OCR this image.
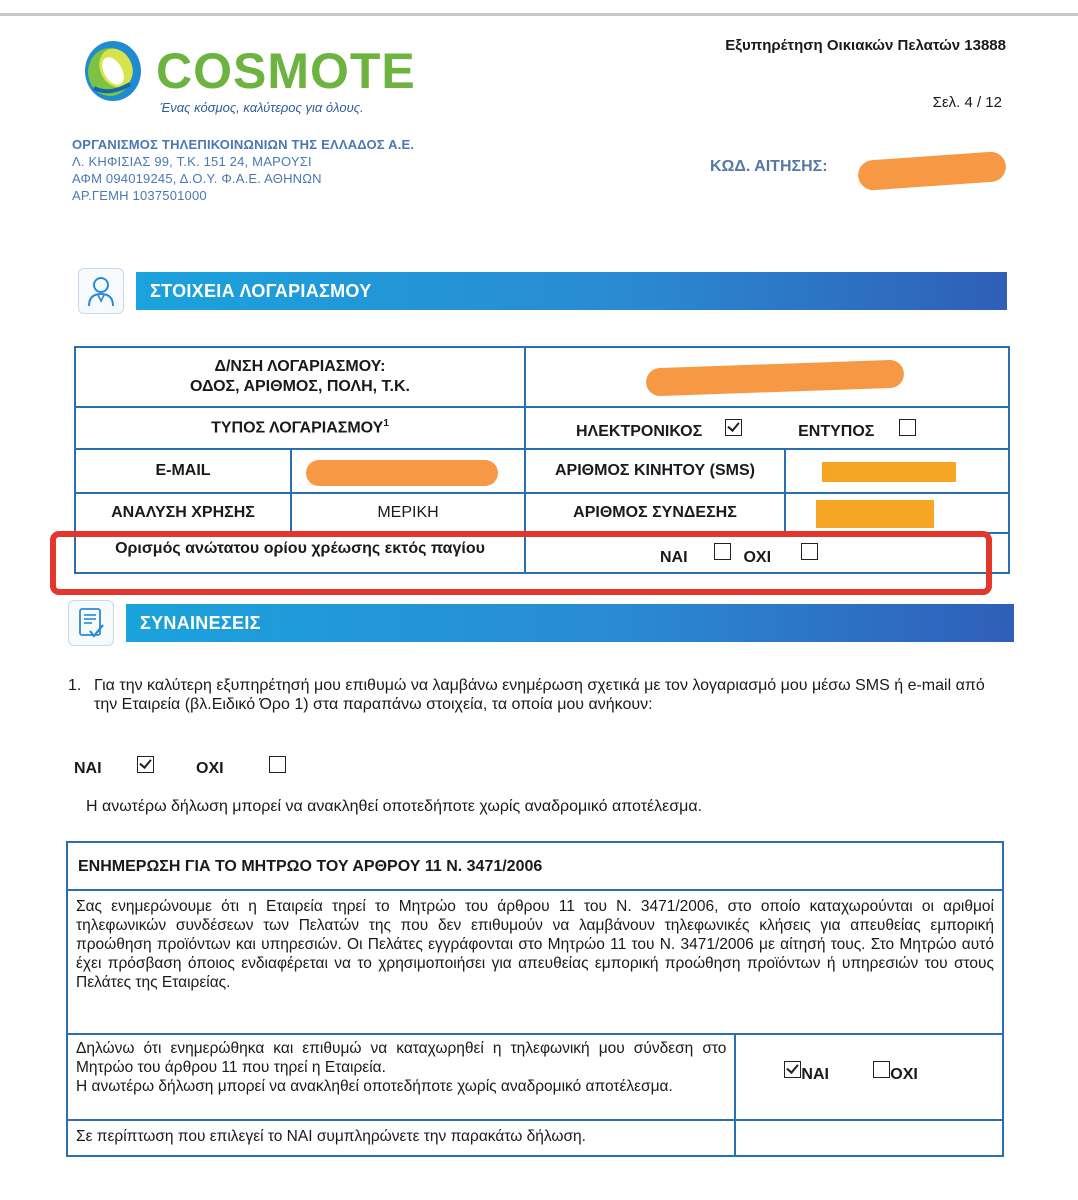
COSMOTE
Ένας κόσμος, καλύτερος για όλους.
ΟΡΓΑΝΙΣΜΟΣ ΤΗΛΕΠΙΚΟΙΝΩΝΙΩΝ ΤΗΣ ΕΛΛΑΔΟΣ Α.Ε.
Λ. ΚΗΦΙΣΙΑΣ 99, Τ.Κ. 151 24, ΜΑΡΟΥΣΙ
ΑΦΜ 094019245, Δ.Ο.Υ. Φ.Α.Ε. ΑΘΗΝΩΝ
ΑΡ.ΓΕΜΗ 1037501000
Εξυπηρέτηση Οικιακών Πελατών 13888
Σελ. 4 / 12
ΚΩΔ. ΑΙΤΗΣΗΣ:
ΣΤΟΙΧΕΙΑ ΛΟΓΑΡΙΑΣΜΟΥ
Δ/ΝΣΗ ΛΟΓΑΡΙΑΣΜΟΥ:
ΟΔΟΣ, ΑΡΙΘΜΟΣ, ΠΟΛΗ, Τ.Κ.			

ΤΥΠΟΣ ΛΟΓΑΡΙΑΣΜΟΥ$^1$		ΗΛΕΚΤΡΟΝΙΚΟΣ ΕΝΤΥΠΟΣ	
E-MAIL		ΑΡΙΘΜΟΣ ΚΙΝΗΤΟΥ (SMS)	

ΑΝΑΛΥΣΗ ΧΡΗΣΗΣ	ΜΕΡΙΚΗ	ΑΡΙΘΜΟΣ ΣΥΝΔΕΣΗΣ	

Ορισμός ανώτατου ορίου χρέωσης εκτός παγίου		ΝΑΙ ΟΧΙ	
ΣΥΝΑΙΝΕΣΕΙΣ
1. Για την καλύτερη εξυπηρέτησή μου επιθυμώ να λαμβάνω ενημέρωση σχετικά με τον λογαριασμό μου μέσω SMS ή e-mail από την Εταιρεία (βλ.Ειδικό Όρο 1) στα παραπάνω στοιχεία, τα οποία μου ανήκουν:
ΝΑΙ
	ΟΧΙ
Η ανωτέρω δήλωση μπορεί να ανακληθεί οποτεδήποτε χωρίς αναδρομικό αποτέλεσμα.
ΕΝΗΜΕΡΩΣΗ ΓΙΑ ΤΟ ΜΗΤΡΩΟ ΤΟΥ ΑΡΘΡΟΥ 11 Ν. 3471/2006	
Σας ενημερώνουμε ότι η Εταιρεία τηρεί το Μητρώο του άρθρου 11 του Ν. 3471/2006, στο οποίο καταχωρούνται οι αριθμοί τηλεφωνικών συνδέσεων των Πελατών της που δεν επιθυμούν να λαμβάνουν τηλεφωνικές κλήσεις για απευθείας εμπορική προώθηση προϊόντων και υπηρεσιών. Οι Πελάτες εγγράφονται στο Μητρώο 11 του Ν. 3471/2006 με αίτησή τους. Στο Μητρώο αυτό έχει πρόσβαση όποιος ενδιαφέρεται να το χρησιμοποιήσει για απευθείας εμπορική προώθηση προϊόντων ή υπηρεσιών του στους Πελάτες της Εταιρείας.	

Δηλώνω ότι ενημερώθηκα και επιθυμώ να καταχωρηθεί η τηλεφωνική μου σύνδεση στο Μητρώο του άρθρου 11 που τηρεί η Εταιρεία.
Η ανωτέρω δήλωση μπορεί να ανακληθεί οποτεδήποτε χωρίς αναδρομικό αποτέλεσμα.	ΝΑΙ ΟΧΙ
Σε περίπτωση που επιλεγεί το ΝΑΙ συμπληρώνετε την παρακάτω δήλωση.	
